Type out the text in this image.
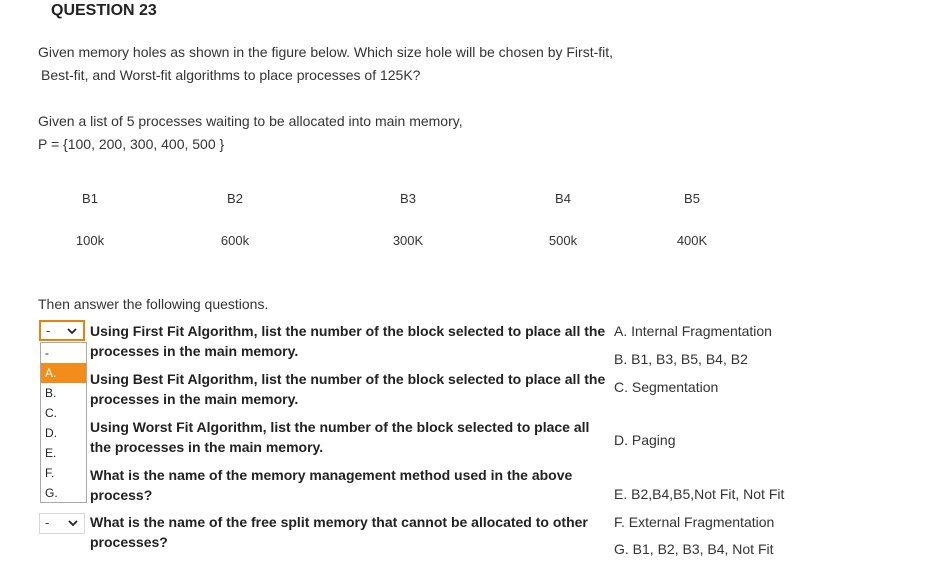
QUESTION 23
Given memory holes as shown in the figure below. Which size hole will be chosen by First-fit,
Best-fit, and Worst-fit algorithms to place processes of 125K?
Given a list of 5 processes waiting to be allocated into main memory,
P = {100, 200, 300, 400, 500 }
B1	B2	B3	B4	B5
100k	600k	300K	500k	400K
Then answer the following questions.
Using First Fit Algorithm, list the number of the block selected to place all the processes in the main memory.
Using Best Fit Algorithm, list the number of the block selected to place all the processes in the main memory.
Using Worst Fit Algorithm, list the number of the block selected to place all the processes in the main memory.
What is the name of the memory management method used in the above process?
What is the name of the free split memory that cannot be allocated to other processes?
-
-
A.
B.
C.
D.
E.
F.
G.
-
A. Internal Fragmentation
B. B1, B3, B5, B4, B2
C. Segmentation
D. Paging
E. B2,B4,B5,Not Fit, Not Fit
F. External Fragmentation
G. B1, B2, B3, B4, Not Fit
